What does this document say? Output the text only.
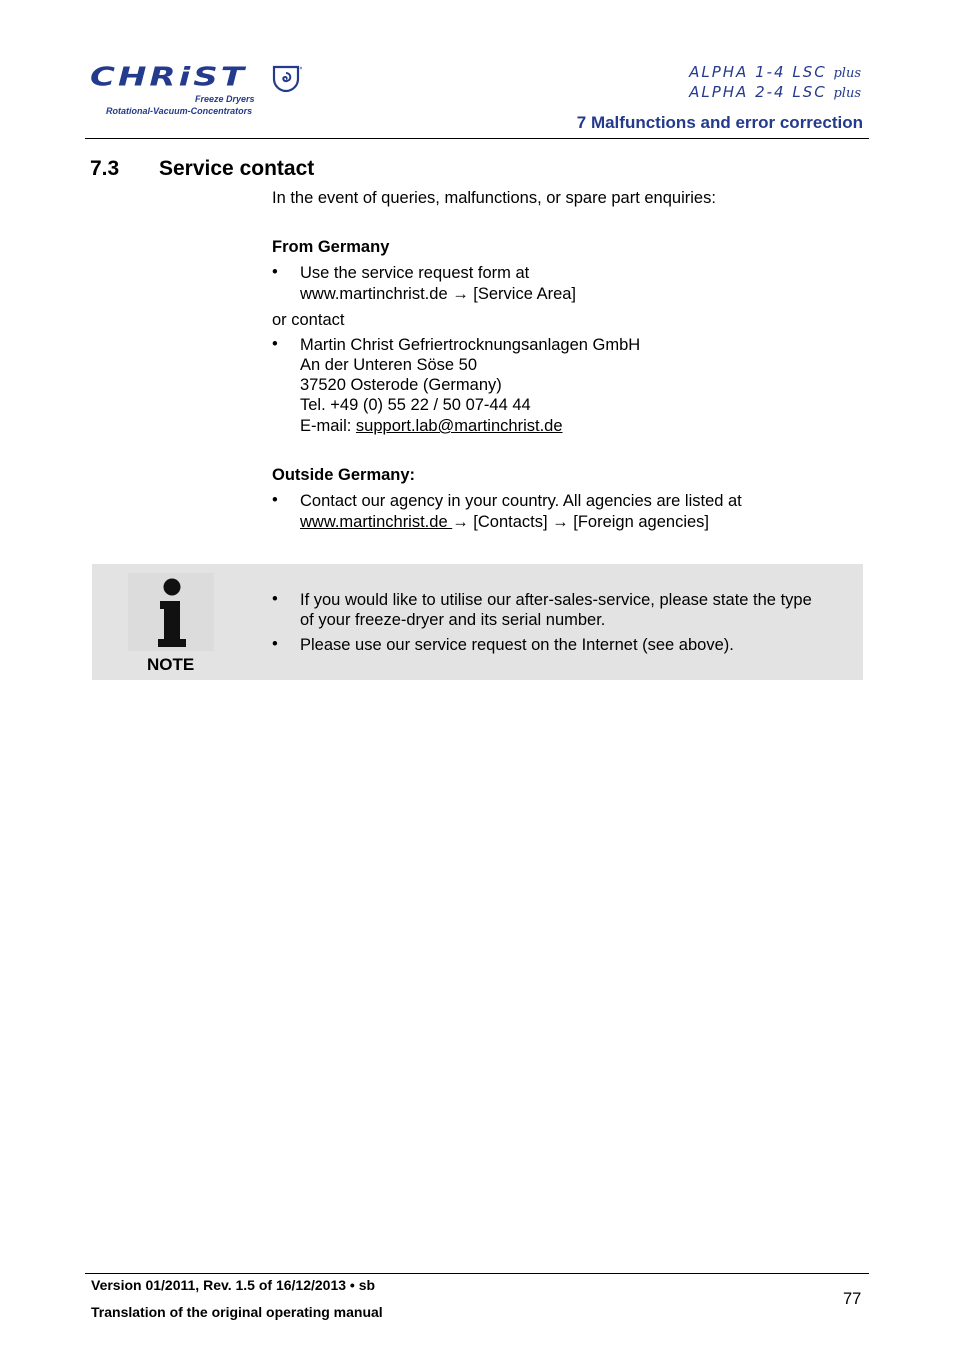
CHRiST
Freeze Dryers
Rotational-Vacuum-Concentrators
ALPHA 1-4 LSC plus
ALPHA 2-4 LSC plus
7 Malfunctions and error correction
7.3 Service contact
In the event of queries, malfunctions, or spare part enquiries:
From Germany
• Use the service request form at
www.martinchrist.de → [Service Area]
or contact
• Martin Christ Gefriertrocknungsanlagen GmbH
An der Unteren Söse 50
37520 Osterode (Germany)
Tel. +49 (0) 55 22 / 50 07-44 44
E-mail: support.lab@martinchrist.de
Outside Germany:
• Contact our agency in your country. All agencies are listed at
www.martinchrist.de → [Contacts] → [Foreign agencies]
NOTE
• If you would like to utilise our after-sales-service, please state the type
of your freeze-dryer and its serial number.
• Please use our service request on the Internet (see above).
Version 01/2011, Rev. 1.5 of 16/12/2013 • sb
Translation of the original operating manual
77
